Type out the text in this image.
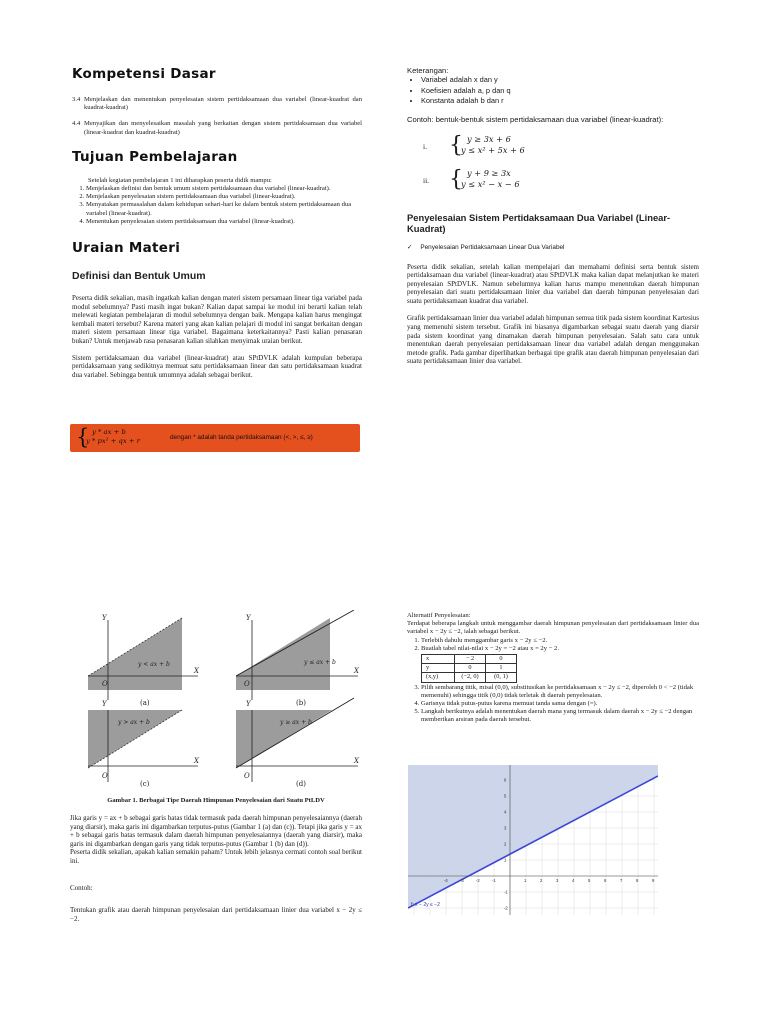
Kompetensi Dasar
3.4 Menjelaskan dan menentukan penyelesaian sistem pertidaksamaan dua variabel (linear-kuadrat dan kuadrat-kuadrat)
4.4 Menyajikan dan menyelesaikan masalah yang berkaitan dengan sistem pertidaksamaan dua variabel (linear-kuadrat dan kuadrat-kuadrat)
Tujuan Pembelajaran

Setelah kegiatan pembelajaran 1 ini diharapkan peserta didik mampu:

1. Menjelaskan definisi dan bentuk umum sistem pertidaksamaan dua variabel (linear-kuadrat).
2. Menjelaskan penyelesaian sistem pertidaksamaan dua variabel (linear-kuadrat).
3. Menyatakan permasalahan dalam kehidupan sehari-hari ke dalam bentuk sistem pertidaksamaan dua variabel (linear-kuadrat).
4. Menentukan penyelesaian sistem pertidaksamaan dua variabel (linear-kuadrat).
Uraian Materi
Definisi dan Bentuk Umum

Peserta didik sekalian, masih ingatkah kalian dengan materi sistem persamaan linear tiga variabel pada modul sebelumnya? Pasti masih ingat bukan? Kalian dapat sampai ke modul ini berarti kalian telah melewati kegiatan pembelajaran di modul sebelumnya dengan baik. Mengapa kalian harus mengingat kembali materi tersebut? Karena materi yang akan kalian pelajari di modul ini sangat berkaitan dengan materi sistem persamaan linear tiga variabel. Bagaimana keterkaitannya? Pasti kalian penasaran bukan? Untuk menjawab rasa penasaran kalian silahkan menyimak uraian berikut.

Sistem pertidaksamaan dua variabel (linear-kuadrat) atau SPtDVLK adalah kumpulan beberapa pertidaksamaan yang sedikitnya memuat satu pertidaksamaan linear dan satu pertidaksamaan kuadrat dua variabel. Sebingga bentuk umumnya adalah sebagai berikut.

{ y * ax + b
y * px² + qx + r	dengan * adalah tanda pertidaksamaan (<, >, ≤, ≥)
Keterangan:
• Variabel adalah x dan y
• Koefisien adalah a, p dan q
• Konstanta adalah b dan r
Contoh: bentuk-bentuk sistem pertidaksamaan dua variabel (linear-kuadrat):
i. { y ≥ 3x + 6
y ≤ x² + 5x + 6
ii. { y + 9 ≥ 3x
y ≤ x² − x − 6
Penyelesaian Sistem Pertidaksamaan Dua Variabel (Linear-Kuadrat)
✓ Penyelesaian Pertidaksamaan Linear Dua Variabel

Peserta didik sekalian, setelah kalian mempelajari dan memahami definisi serta bentuk sistem pertidaksamaan dua variabel (linear-kuadrat) atau SPtDVLK maka kalian dapat melanjutkan ke materi penyelesaian SPtDVLK. Namun sebelumnya kalian harus mampu menentukan daerah himpunan penyelesaian dari suatu pertidaksamaan linier dua variabel dan daerah himpunan penyelesaian dari suatu pertidaksamaan kuadrat dua variabel.

Grafik pertidaksamaan linier dua variabel adalah himpunan semua titik pada sistem koordinat Kartesius yang memenuhi sistem tersebut. Grafik ini biasanya digambarkan sebagai suatu daerah yang diarsir pada sistem koordinat yang dinamakan daerah himpunan penyelesaian. Salah satu cara untuk menentukan daerah penyelesaian pertidaksamaan linear dua variabel adalah dengan menggunakan metode grafik. Pada gambar diperlihatkan berbagai tipe grafik atau daerah himpunan penyelesaian dari suatu pertidaksamaan linier dua variabel.

Y
X
O
y < ax + b
(a)
Y
X
O
y ≤ ax + b
(b)
X
O
y > ax + b
(c)
Y
X
O
y ≥ ax + b
(d)
Y
Gambar 1. Berbagai Tipe Daerah Himpunan Penyelesaian dari Suatu PtLDV

Jika garis y = ax + b sebagai garis batas tidak termasuk pada daerah himpunan penyelesaiannya (daerah yang diarsir), maka garis ini digambarkan terputus-putus (Gambar 1 (a) dan (c)). Tetapi jika garis y = ax + b sebagai garis batas termasuk dalam daerah himpunan penyelesaiannya (daerah yang diarsir), maka garis ini digambarkan dengan garis yang tidak terputus-putus (Gambar 1 (b) dan (d)).

Peserta didik sekalian, apakah kalian semakin paham? Untuk lebih jelasnya cermati contoh soal berikut ini.

Contoh:

Tentukan grafik atau daerah himpunan penyelesaian dari pertidaksamaan linier dua variabel x − 2y ≤ −2.

Alternatif Penyelesaian:

Terdapat beberapa langkah untuk menggambar daerah himpunan penyelesaian dari pertidaksamaan linier dua variabel x − 2y ≤ −2, ialah sebagai berikut.

1. Terlebih dahulu menggambar garis x − 2y ≤ −2.
2. Buatlah tabel nilai-nilai x − 2y = −2 atau x = 2y − 2.
x	− 2	0
y	0	1
(x,y)	(−2, 0)	(0, 1)
3. Pilih sembarang titik, misal (0,0), substitusikan ke pertidaksamaan x − 2y ≤ −2, diperoleh 0 < −2 (tidak memenuhi) sehingga titik (0,0) tidak terletak di daerah penyelesaian.
4. Garisnya tidak putus-putus karena memuat tanda sama dengan (=).
5. Langkah berikutnya adalah menentukan daerah mana yang termasuk dalam daerah x − 2y ≤ −2 dengan memberikan arsiran pada daerah tersebut.
-4	-3	-2	-1	1	2	3	4	5	6	7	8	9
6
5
4
3
2
1
-1
-2
f: x − 2y ≤ −2
